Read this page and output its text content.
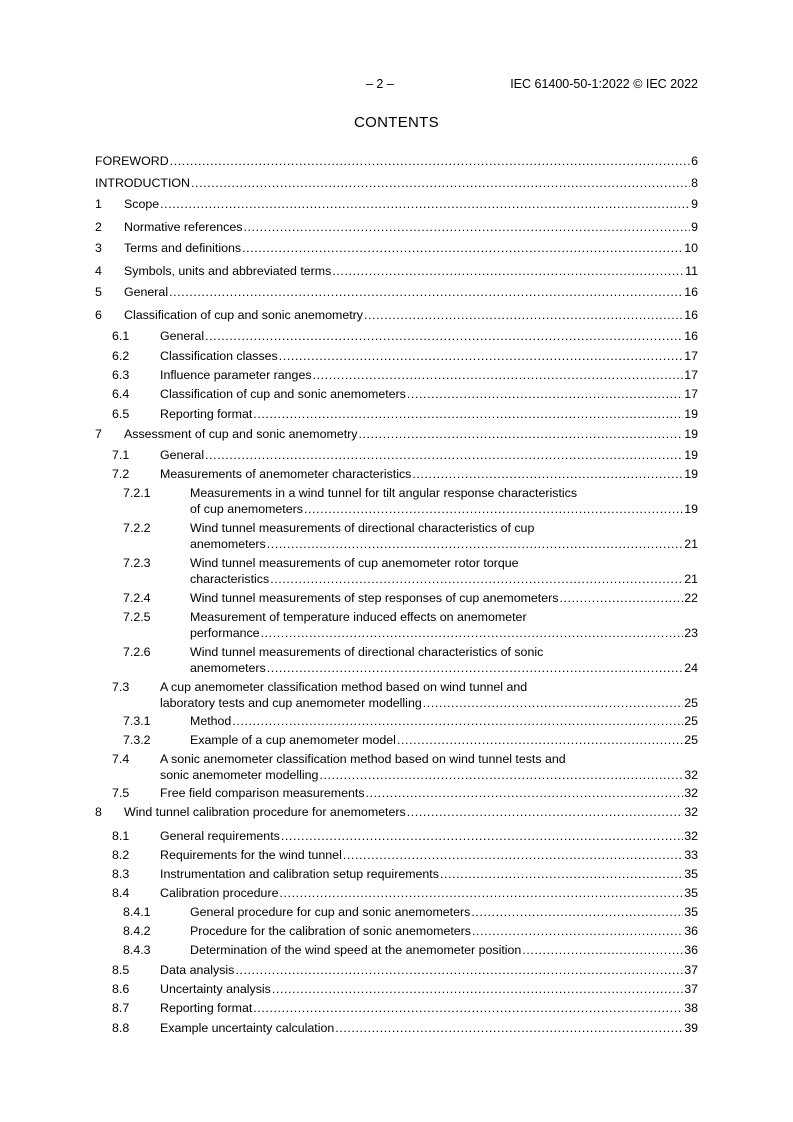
– 2 –	IEC 61400-50-1:2022 © IEC 2022
CONTENTS
FOREWORD .....	6
INTRODUCTION .....	8
1 Scope .....	9
2 Normative references .....	9
3 Terms and definitions .....	10
4 Symbols, units and abbreviated terms .....	11
5 General .....	16
6 Classification of cup and sonic anemometry .....	16
6.1 General .....	16
6.2 Classification classes .....	17
6.3 Influence parameter ranges .....	17
6.4 Classification of cup and sonic anemometers .....	17
6.5 Reporting format .....	19
7 Assessment of cup and sonic anemometry .....	19
7.1 General .....	19
7.2 Measurements of anemometer characteristics .....	19
7.2.1	Measurements in a wind tunnel for tilt angular response characteristics
of cup anemometers .....	19
7.2.2	Wind tunnel measurements of directional characteristics of cup
anemometers .....	21
7.2.3	Wind tunnel measurements of cup anemometer rotor torque
characteristics .....	21
7.2.4	Wind tunnel measurements of step responses of cup anemometers .....	22
7.2.5	Measurement of temperature induced effects on anemometer
performance .....	23
7.2.6	Wind tunnel measurements of directional characteristics of sonic
anemometers .....	24
7.3 A cup anemometer classification method based on wind tunnel and
laboratory tests and cup anemometer modelling .....	25
7.3.1	Method .....	25
7.3.2	Example of a cup anemometer model .....	25
7.4 A sonic anemometer classification method based on wind tunnel tests and
sonic anemometer modelling .....	32
7.5 Free field comparison measurements .....	32
8 Wind tunnel calibration procedure for anemometers .....	32
8.1 General requirements .....	32
8.2 Requirements for the wind tunnel .....	33
8.3 Instrumentation and calibration setup requirements .....	35
8.4 Calibration procedure .....	35
8.4.1	General procedure for cup and sonic anemometers .....	35
8.4.2	Procedure for the calibration of sonic anemometers .....	36
8.4.3	Determination of the wind speed at the anemometer position .....	36
8.5 Data analysis .....	37
8.6 Uncertainty analysis .....	37
8.7 Reporting format .....	38
8.8 Example uncertainty calculation .....	39
